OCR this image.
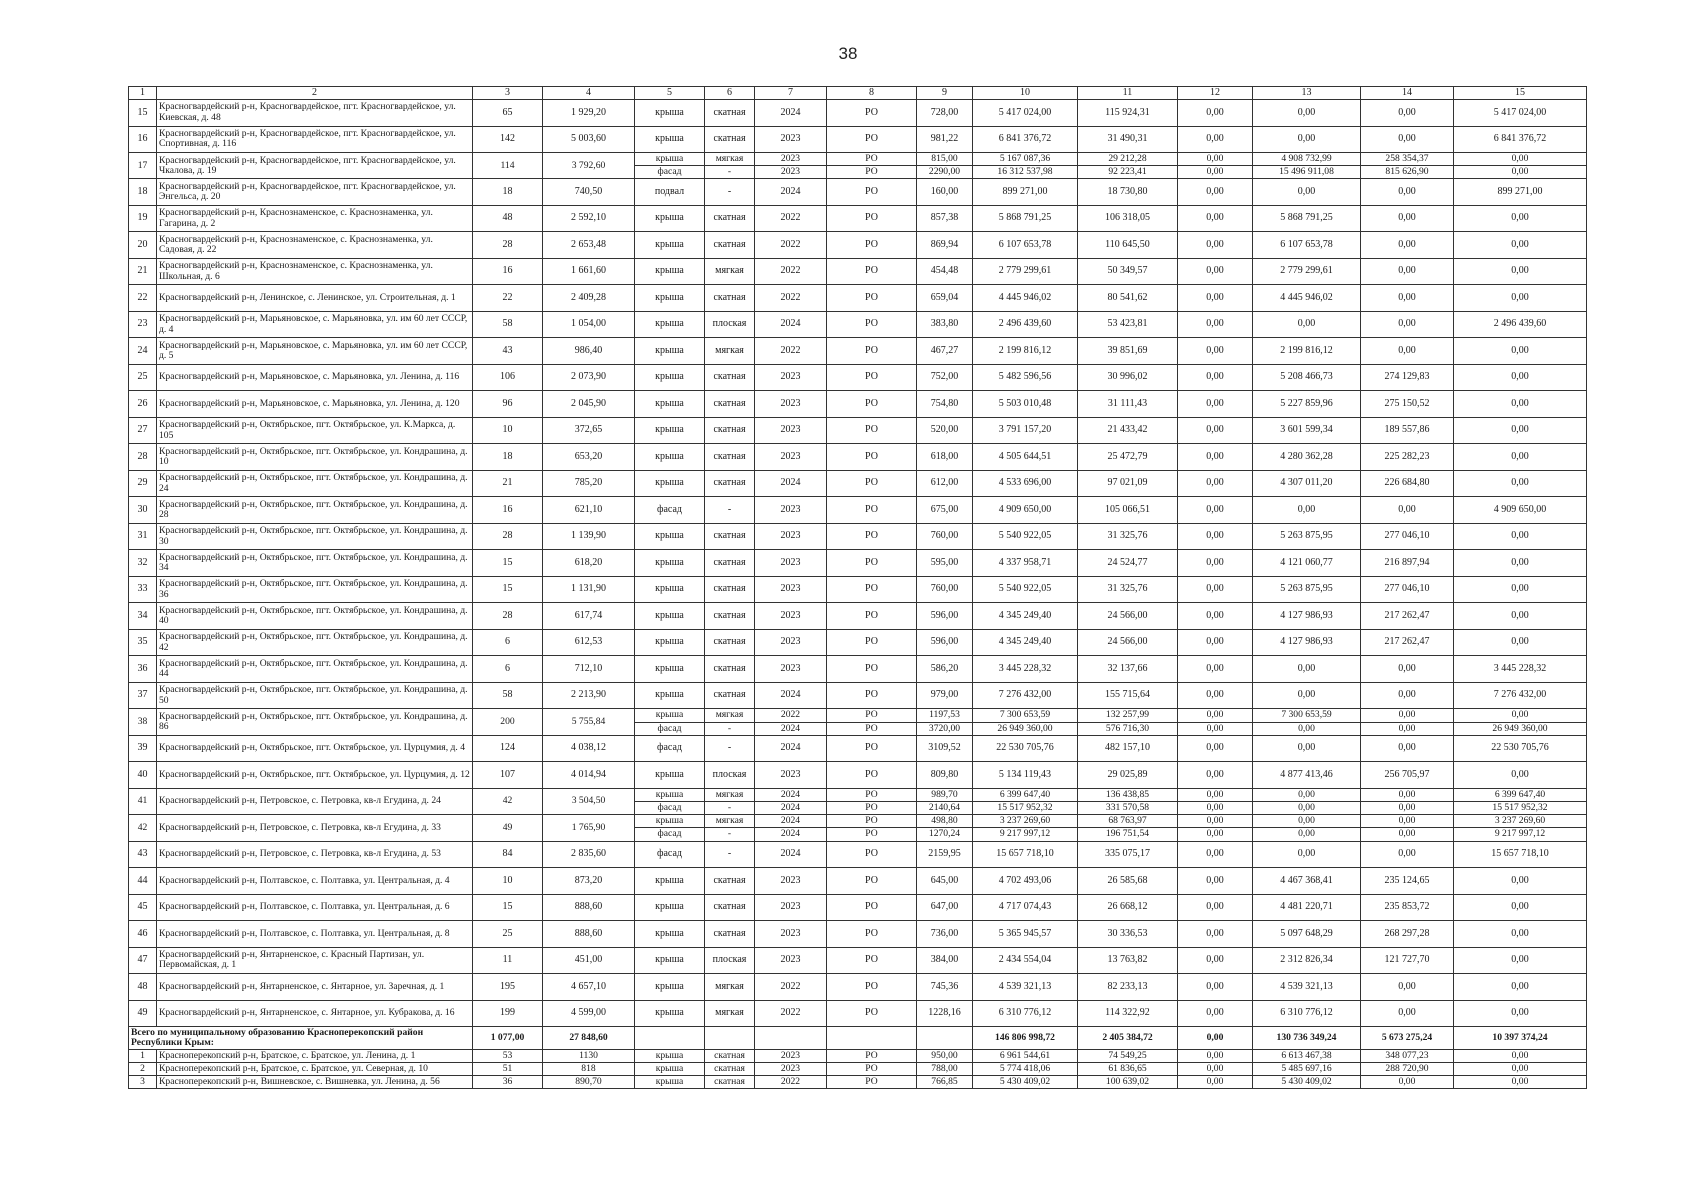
38
1	2	3	4	5	6	7	8	9	10	11	12	13	14	15
15	Красногвардейский р-н, Красногвардейское, пгт. Красногвардейское, ул. Киевская, д. 48	65	1 929,20	крыша	скатная	2024	РО	728,00	5 417 024,00	115 924,31	0,00	0,00	0,00	5 417 024,00
16	Красногвардейский р-н, Красногвардейское, пгт. Красногвардейское, ул. Спортивная, д. 116	142	5 003,60	крыша	скатная	2023	РО	981,22	6 841 376,72	31 490,31	0,00	0,00	0,00	6 841 376,72
17	Красногвардейский р-н, Красногвардейское, пгт. Красногвардейское, ул. Чкалова, д. 19	114	3 792,60	крыша	мягкая	2023	РО	815,00	5 167 087,36	29 212,28	0,00	4 908 732,99	258 354,37	0,00
				фасад	-	2023	РО	2290,00	16 312 537,98	92 223,41	0,00	15 496 911,08	815 626,90	0,00
18	Красногвардейский р-н, Красногвардейское, пгт. Красногвардейское, ул. Энгельса, д. 20	18	740,50	подвал	-	2024	РО	160,00	899 271,00	18 730,80	0,00	0,00	0,00	899 271,00
19	Красногвардейский р-н, Краснознаменское, с. Краснознаменка, ул. Гагарина, д. 2	48	2 592,10	крыша	скатная	2022	РО	857,38	5 868 791,25	106 318,05	0,00	5 868 791,25	0,00	0,00
20	Красногвардейский р-н, Краснознаменское, с. Краснознаменка, ул. Садовая, д. 22	28	2 653,48	крыша	скатная	2022	РО	869,94	6 107 653,78	110 645,50	0,00	6 107 653,78	0,00	0,00
21	Красногвардейский р-н, Краснознаменское, с. Краснознаменка, ул. Школьная, д. 6	16	1 661,60	крыша	мягкая	2022	РО	454,48	2 779 299,61	50 349,57	0,00	2 779 299,61	0,00	0,00
22	Красногвардейский р-н, Ленинское, с. Ленинское, ул. Строительная, д. 1	22	2 409,28	крыша	скатная	2022	РО	659,04	4 445 946,02	80 541,62	0,00	4 445 946,02	0,00	0,00
23	Красногвардейский р-н, Марьяновское, с. Марьяновка, ул. им 60 лет СССР, д. 4	58	1 054,00	крыша	плоская	2024	РО	383,80	2 496 439,60	53 423,81	0,00	0,00	0,00	2 496 439,60
24	Красногвардейский р-н, Марьяновское, с. Марьяновка, ул. им 60 лет СССР, д. 5	43	986,40	крыша	мягкая	2022	РО	467,27	2 199 816,12	39 851,69	0,00	2 199 816,12	0,00	0,00
25	Красногвардейский р-н, Марьяновское, с. Марьяновка, ул. Ленина, д. 116	106	2 073,90	крыша	скатная	2023	РО	752,00	5 482 596,56	30 996,02	0,00	5 208 466,73	274 129,83	0,00
26	Красногвардейский р-н, Марьяновское, с. Марьяновка, ул. Ленина, д. 120	96	2 045,90	крыша	скатная	2023	РО	754,80	5 503 010,48	31 111,43	0,00	5 227 859,96	275 150,52	0,00
27	Красногвардейский р-н, Октябрьское, пгт. Октябрьское, ул. К.Маркса, д. 105	10	372,65	крыша	скатная	2023	РО	520,00	3 791 157,20	21 433,42	0,00	3 601 599,34	189 557,86	0,00
28	Красногвардейский р-н, Октябрьское, пгт. Октябрьское, ул. Кондрашина, д. 10	18	653,20	крыша	скатная	2023	РО	618,00	4 505 644,51	25 472,79	0,00	4 280 362,28	225 282,23	0,00
29	Красногвардейский р-н, Октябрьское, пгт. Октябрьское, ул. Кондрашина, д. 24	21	785,20	крыша	скатная	2024	РО	612,00	4 533 696,00	97 021,09	0,00	4 307 011,20	226 684,80	0,00
30	Красногвардейский р-н, Октябрьское, пгт. Октябрьское, ул. Кондрашина, д. 28	16	621,10	фасад	-	2023	РО	675,00	4 909 650,00	105 066,51	0,00	0,00	0,00	4 909 650,00
31	Красногвардейский р-н, Октябрьское, пгт. Октябрьское, ул. Кондрашина, д. 30	28	1 139,90	крыша	скатная	2023	РО	760,00	5 540 922,05	31 325,76	0,00	5 263 875,95	277 046,10	0,00
32	Красногвардейский р-н, Октябрьское, пгт. Октябрьское, ул. Кондрашина, д. 34	15	618,20	крыша	скатная	2023	РО	595,00	4 337 958,71	24 524,77	0,00	4 121 060,77	216 897,94	0,00
33	Красногвардейский р-н, Октябрьское, пгт. Октябрьское, ул. Кондрашина, д. 36	15	1 131,90	крыша	скатная	2023	РО	760,00	5 540 922,05	31 325,76	0,00	5 263 875,95	277 046,10	0,00
34	Красногвардейский р-н, Октябрьское, пгт. Октябрьское, ул. Кондрашина, д. 40	28	617,74	крыша	скатная	2023	РО	596,00	4 345 249,40	24 566,00	0,00	4 127 986,93	217 262,47	0,00
35	Красногвардейский р-н, Октябрьское, пгт. Октябрьское, ул. Кондрашина, д. 42	6	612,53	крыша	скатная	2023	РО	596,00	4 345 249,40	24 566,00	0,00	4 127 986,93	217 262,47	0,00
36	Красногвардейский р-н, Октябрьское, пгт. Октябрьское, ул. Кондрашина, д. 44	6	712,10	крыша	скатная	2023	РО	586,20	3 445 228,32	32 137,66	0,00	0,00	0,00	3 445 228,32
37	Красногвардейский р-н, Октябрьское, пгт. Октябрьское, ул. Кондрашина, д. 50	58	2 213,90	крыша	скатная	2024	РО	979,00	7 276 432,00	155 715,64	0,00	0,00	0,00	7 276 432,00
38	Красногвардейский р-н, Октябрьское, пгт. Октябрьское, ул. Кондрашина, д. 86	200	5 755,84	крыша	мягкая	2022	РО	1197,53	7 300 653,59	132 257,99	0,00	7 300 653,59	0,00	0,00
				фасад	-	2024	РО	3720,00	26 949 360,00	576 716,30	0,00	0,00	0,00	26 949 360,00
39	Красногвардейский р-н, Октябрьское, пгт. Октябрьское, ул. Цурцумия, д. 4	124	4 038,12	фасад	-	2024	РО	3109,52	22 530 705,76	482 157,10	0,00	0,00	0,00	22 530 705,76
40	Красногвардейский р-н, Октябрьское, пгт. Октябрьское, ул. Цурцумия, д. 12	107	4 014,94	крыша	плоская	2023	РО	809,80	5 134 119,43	29 025,89	0,00	4 877 413,46	256 705,97	0,00
41	Красногвардейский р-н, Петровское, с. Петровка, кв-л Егудина, д. 24	42	3 504,50	крыша	мягкая	2024	РО	989,70	6 399 647,40	136 438,85	0,00	0,00	0,00	6 399 647,40
				фасад	-	2024	РО	2140,64	15 517 952,32	331 570,58	0,00	0,00	0,00	15 517 952,32
42	Красногвардейский р-н, Петровское, с. Петровка, кв-л Егудина, д. 33	49	1 765,90	крыша	мягкая	2024	РО	498,80	3 237 269,60	68 763,97	0,00	0,00	0,00	3 237 269,60
				фасад	-	2024	РО	1270,24	9 217 997,12	196 751,54	0,00	0,00	0,00	9 217 997,12
43	Красногвардейский р-н, Петровское, с. Петровка, кв-л Егудина, д. 53	84	2 835,60	фасад	-	2024	РО	2159,95	15 657 718,10	335 075,17	0,00	0,00	0,00	15 657 718,10
44	Красногвардейский р-н, Полтавское, с. Полтавка, ул. Центральная, д. 4	10	873,20	крыша	скатная	2023	РО	645,00	4 702 493,06	26 585,68	0,00	4 467 368,41	235 124,65	0,00
45	Красногвардейский р-н, Полтавское, с. Полтавка, ул. Центральная, д. 6	15	888,60	крыша	скатная	2023	РО	647,00	4 717 074,43	26 668,12	0,00	4 481 220,71	235 853,72	0,00
46	Красногвардейский р-н, Полтавское, с. Полтавка, ул. Центральная, д. 8	25	888,60	крыша	скатная	2023	РО	736,00	5 365 945,57	30 336,53	0,00	5 097 648,29	268 297,28	0,00
47	Красногвардейский р-н, Янтарненское, с. Красный Партизан, ул. Первомайская, д. 1	11	451,00	крыша	плоская	2023	РО	384,00	2 434 554,04	13 763,82	0,00	2 312 826,34	121 727,70	0,00
48	Красногвардейский р-н, Янтарненское, с. Янтарное, ул. Заречная, д. 1	195	4 657,10	крыша	мягкая	2022	РО	745,36	4 539 321,13	82 233,13	0,00	4 539 321,13	0,00	0,00
49	Красногвардейский р-н, Янтарненское, с. Янтарное, ул. Кубракова, д. 16	199	4 599,00	крыша	мягкая	2022	РО	1228,16	6 310 776,12	114 322,92	0,00	6 310 776,12	0,00	0,00
Всего по муниципальному образованию Красноперекопский район Республики Крым:		1 077,00	27 848,60						146 806 998,72	2 405 384,72	0,00	130 736 349,24	5 673 275,24	10 397 374,24
1	Красноперекопский р-н, Братское, с. Братское, ул. Ленина, д. 1	53	1130	крыша	скатная	2023	РО	950,00	6 961 544,61	74 549,25	0,00	6 613 467,38	348 077,23	0,00
2	Красноперекопский р-н, Братское, с. Братское, ул. Северная, д. 10	51	818	крыша	скатная	2023	РО	788,00	5 774 418,06	61 836,65	0,00	5 485 697,16	288 720,90	0,00
3	Красноперекопский р-н, Вишневское, с. Вишневка, ул. Ленина, д. 56	36	890,70	крыша	скатная	2022	РО	766,85	5 430 409,02	100 639,02	0,00	5 430 409,02	0,00	0,00
